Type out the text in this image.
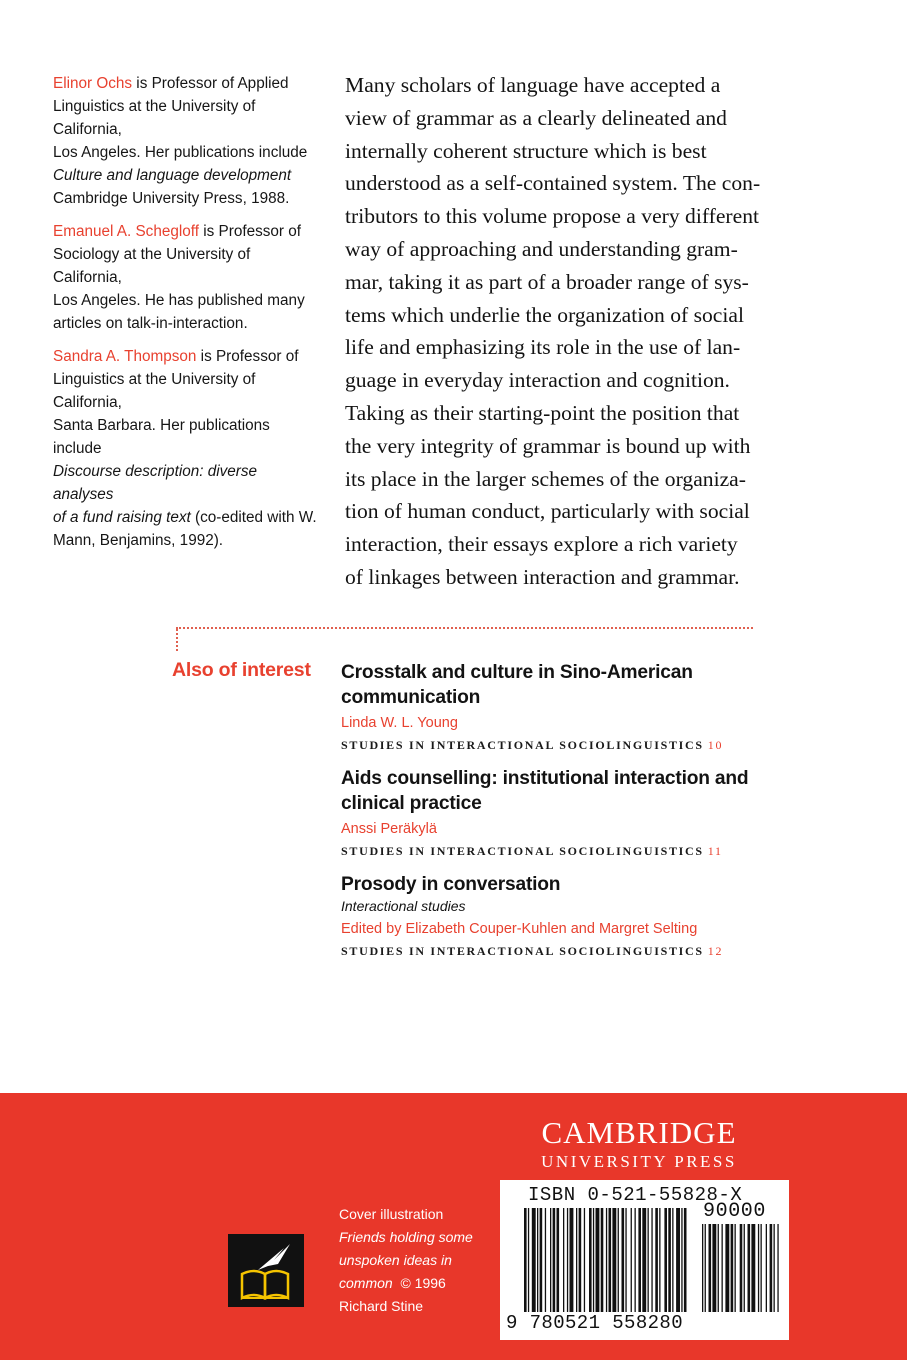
Elinor Ochs is Professor of Applied
Linguistics at the University of California,
Los Angeles. Her publications include
Culture and language development
Cambridge University Press, 1988.

Emanuel A. Schegloff is Professor of
Sociology at the University of California,
Los Angeles. He has published many
articles on talk-in-interaction.

Sandra A. Thompson is Professor of
Linguistics at the University of California,
Santa Barbara. Her publications include
Discourse description: diverse analyses
of a fund raising text (co-edited with W.
Mann, Benjamins, 1992).

Many scholars of language have accepted a
view of grammar as a clearly delineated and
internally coherent structure which is best
understood as a self-contained system. The con-
tributors to this volume propose a very different
way of approaching and understanding gram-
mar, taking it as part of a broader range of sys-
tems which underlie the organization of social
life and emphasizing its role in the use of lan-
guage in everyday interaction and cognition.
Taking as their starting-point the position that
the very integrity of grammar is bound up with
its place in the larger schemes of the organiza-
tion of human conduct, particularly with social
interaction, their essays explore a rich variety
of linkages between interaction and grammar.

Also of interest Crosstalk and culture in Sino-American communication
Linda W. L. Young
STUDIES IN INTERACTIONAL SOCIOLINGUISTICS 10
Aids counselling: institutional interaction and clinical practice
Anssi Peräkylä
STUDIES IN INTERACTIONAL SOCIOLINGUISTICS 11
Prosody in conversation
Interactional studies
Edited by Elizabeth Couper-Kuhlen and Margret Selting
STUDIES IN INTERACTIONAL SOCIOLINGUISTICS 12
CAMBRIDGE
UNIVERSITY PRESS
Cover illustration
Friends holding some
unspoken ideas in
common © 1996
Richard Stine
ISBN 0-521-55828-X
90000
9 780521 558280
